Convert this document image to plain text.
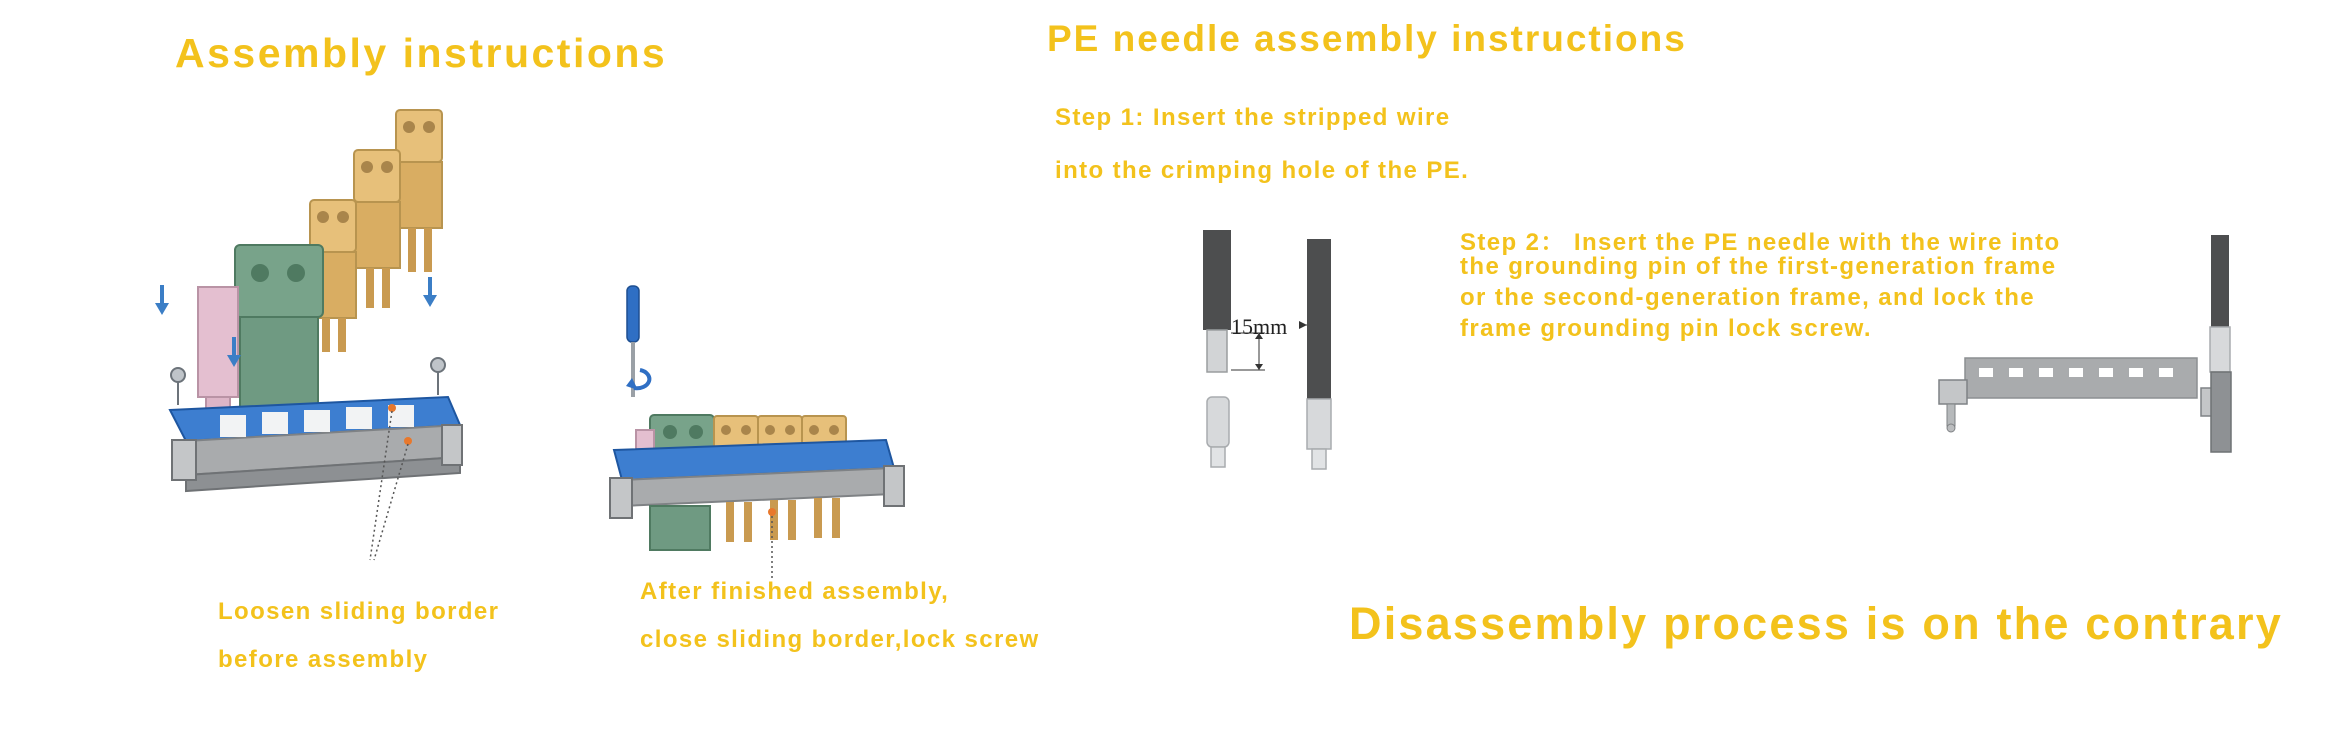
Assembly instructions

Loosen sliding border

before assembly

After finished assembly,

close sliding border,lock screw

PE needle assembly instructions

Step 1: Insert the stripped wire

into the crimping hole of the PE.

15mm

Step 2： Insert the PE needle with the wire into

the grounding pin of the first-generation frame

or the second-generation frame, and lock the

frame grounding pin lock screw.

Disassembly process is on the contrary
